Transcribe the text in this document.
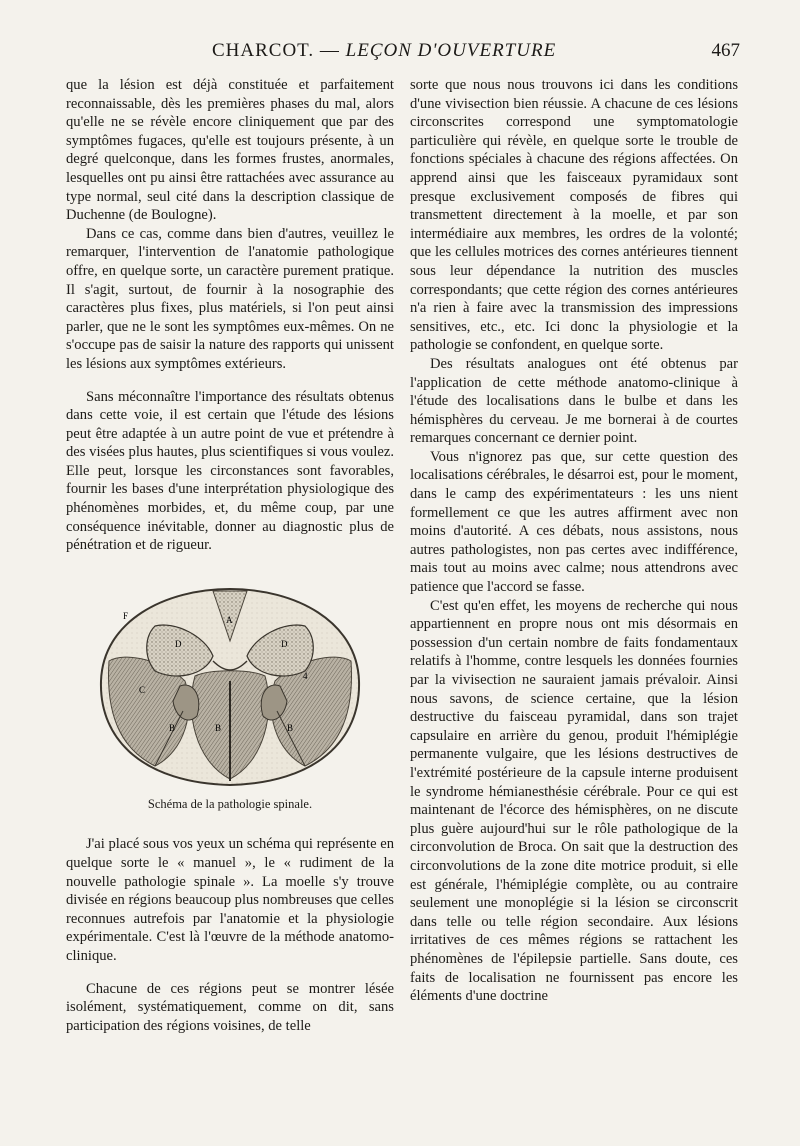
CHARCOT. — LEÇON D'OUVERTURE	467

que la lésion est déjà constituée et parfaitement reconnaissable, dès les premières phases du mal, alors qu'elle ne se révèle encore cliniquement que par des symptômes fugaces, qu'elle est toujours présente, à un degré quelconque, dans les formes frustes, anormales, lesquelles ont pu ainsi être rattachées avec assurance au type normal, seul cité dans la description classique de Duchenne (de Boulogne).

Dans ce cas, comme dans bien d'autres, veuillez le remarquer, l'intervention de l'anatomie pathologique offre, en quelque sorte, un caractère purement pratique. Il s'agit, surtout, de fournir à la nosographie des caractères plus fixes, plus matériels, si l'on peut ainsi parler, que ne le sont les symptômes eux-mêmes. On ne s'occupe pas de saisir la nature des rapports qui unissent les lésions aux symptômes extérieurs.

Sans méconnaître l'importance des résultats obtenus dans cette voie, il est certain que l'étude des lésions peut être adaptée à un autre point de vue et prétendre à des visées plus hautes, plus scientifiques si vous voulez. Elle peut, lorsque les circonstances sont favorables, fournir les bases d'une interprétation physiologique des phénomènes morbides, et, du même coup, par une conséquence inévitable, donner au diagnostic plus de pénétration et de rigueur.

F	A
D	D
C
B	B	B
4
Schéma de la pathologie spinale.

J'ai placé sous vos yeux un schéma qui représente en quelque sorte le « manuel », le « rudiment de la nouvelle pathologie spinale ». La moelle s'y trouve divisée en régions beaucoup plus nombreuses que celles reconnues autrefois par l'anatomie et la physiologie expérimentale. C'est là l'œuvre de la méthode anatomo-clinique.

Chacune de ces régions peut se montrer lésée isolément, systématiquement, comme on dit, sans participation des régions voisines, de telle

sorte que nous nous trouvons ici dans les conditions d'une vivisection bien réussie. A chacune de ces lésions circonscrites correspond une symptomatologie particulière qui révèle, en quelque sorte le trouble de fonctions spéciales à chacune des régions affectées. On apprend ainsi que les faisceaux pyramidaux sont presque exclusivement composés de fibres qui transmettent directement à la moelle, et par son intermédiaire aux membres, les ordres de la volonté; que les cellules motrices des cornes antérieures tiennent sous leur dépendance la nutrition des muscles correspondants; que cette région des cornes antérieures n'a rien à faire avec la transmission des impressions sensitives, etc., etc. Ici donc la physiologie et la pathologie se confondent, en quelque sorte.

Des résultats analogues ont été obtenus par l'application de cette méthode anatomo-clinique à l'étude des localisations dans le bulbe et dans les hémisphères du cerveau. Je me bornerai à de courtes remarques concernant ce dernier point.

Vous n'ignorez pas que, sur cette question des localisations cérébrales, le désarroi est, pour le moment, dans le camp des expérimentateurs : les uns nient formellement ce que les autres affirment avec non moins d'autorité. A ces débats, nous assistons, nous autres pathologistes, non pas certes avec indifférence, mais tout au moins avec calme; nous attendrons avec patience que l'accord se fasse.

C'est qu'en effet, les moyens de recherche qui nous appartiennent en propre nous ont mis désormais en possession d'un certain nombre de faits fondamentaux relatifs à l'homme, contre lesquels les données fournies par la vivisection ne sauraient jamais prévaloir. Ainsi nous savons, de science certaine, que la lésion destructive du faisceau pyramidal, dans son trajet capsulaire en arrière du genou, produit l'hémiplégie permanente vulgaire, que les lésions destructives de l'extrémité postérieure de la capsule interne produisent le syndrome hémianesthésie cérébrale. Pour ce qui est maintenant de l'écorce des hémisphères, on ne discute plus guère aujourd'hui sur le rôle pathologique de la circonvolution de Broca. On sait que la destruction des circonvolutions de la zone dite motrice produit, si elle est générale, l'hémiplégie complète, ou au contraire seulement une monoplégie si la lésion se circonscrit dans telle ou telle région secondaire. Aux lésions irritatives de ces mêmes régions se rattachent les phénomènes de l'épilepsie partielle. Sans doute, ces faits de localisation ne fournissent pas encore les éléments d'une doctrine
